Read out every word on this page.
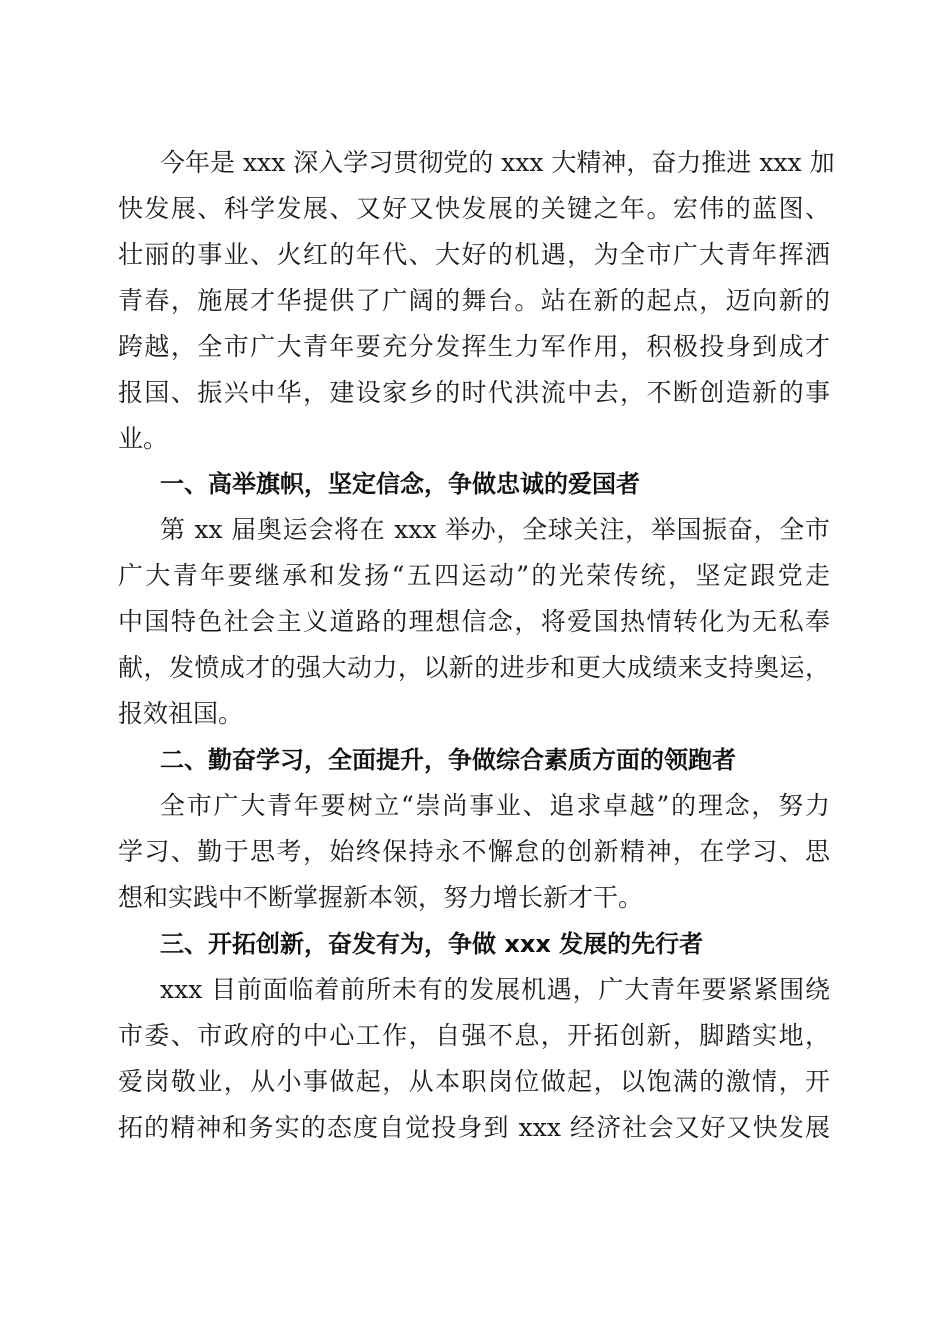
今年是 xxx 深入学习贯彻党的 xxx 大精神，奋力推进 xxx 加
快发展、科学发展、又好又快发展的关键之年。宏伟的蓝图、
壮丽的事业、火红的年代、大好的机遇，为全市广大青年挥洒
青春，施展才华提供了广阔的舞台。站在新的起点，迈向新的
跨越，全市广大青年要充分发挥生力军作用，积极投身到成才
报国、振兴中华，建设家乡的时代洪流中去，不断创造新的事
业。
一、高举旗帜，坚定信念，争做忠诚的爱国者
第 xx 届奥运会将在 xxx 举办，全球关注，举国振奋，全市
广大青年要继承和发扬“五四运动”的光荣传统，坚定跟党走
中国特色社会主义道路的理想信念，将爱国热情转化为无私奉
献，发愤成才的强大动力，以新的进步和更大成绩来支持奥运，
报效祖国。
二、勤奋学习，全面提升，争做综合素质方面的领跑者
全市广大青年要树立“崇尚事业、追求卓越”的理念，努力
学习、勤于思考，始终保持永不懈怠的创新精神，在学习、思
想和实践中不断掌握新本领，努力增长新才干。
三、开拓创新，奋发有为，争做 xxx 发展的先行者
xxx 目前面临着前所未有的发展机遇，广大青年要紧紧围绕
市委、市政府的中心工作，自强不息，开拓创新，脚踏实地，
爱岗敬业，从小事做起，从本职岗位做起，以饱满的激情，开
拓的精神和务实的态度自觉投身到 xxx 经济社会又好又快发展
